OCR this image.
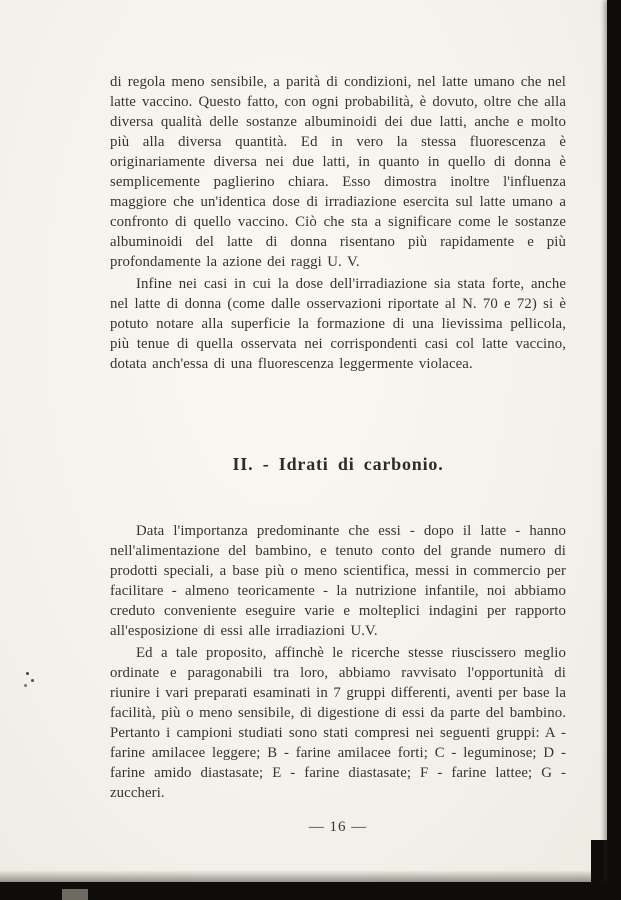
di regola meno sensibile, a parità di condizioni, nel latte umano che nel latte vaccino. Questo fatto, con ogni probabilità, è dovuto, oltre che alla diversa qualità delle sostanze albuminoidi dei due latti, anche e molto più alla diversa quantità. Ed in vero la stessa fluorescenza è originariamente diversa nei due latti, in quanto in quello di donna è semplicemente paglierino chiara. Esso dimostra inoltre l'influenza maggiore che un'identica dose di irradiazione esercita sul latte umano a confronto di quello vaccino. Ciò che sta a significare come le sostanze albuminoidi del latte di donna risentano più rapidamente e più profondamente la azione dei raggi U. V.

Infine nei casi in cui la dose dell'irradiazione sia stata forte, anche nel latte di donna (come dalle osservazioni riportate al N. 70 e 72) si è potuto notare alla superficie la formazione di una lievissima pellicola, più tenue di quella osservata nei corrispondenti casi col latte vaccino, dotata anch'essa di una fluorescenza leggermente violacea.

II. - Idrati di carbonio.

Data l'importanza predominante che essi - dopo il latte - hanno nell'alimentazione del bambino, e tenuto conto del grande numero di prodotti speciali, a base più o meno scientifica, messi in commercio per facilitare - almeno teoricamente - la nutrizione infantile, noi abbiamo creduto conveniente eseguire varie e molteplici indagini per rapporto all'esposizione di essi alle irradiazioni U.V.

Ed a tale proposito, affinchè le ricerche stesse riuscissero meglio ordinate e paragonabili tra loro, abbiamo ravvisato l'opportunità di riunire i vari preparati esaminati in 7 gruppi differenti, aventi per base la facilità, più o meno sensibile, di digestione di essi da parte del bambino. Pertanto i campioni studiati sono stati compresi nei seguenti gruppi: A - farine amilacee leggere; B - farine amilacee forti; C - leguminose; D - farine amido diastasate; E - farine diastasate; F - farine lattee; G - zuccheri.

— 16 —
